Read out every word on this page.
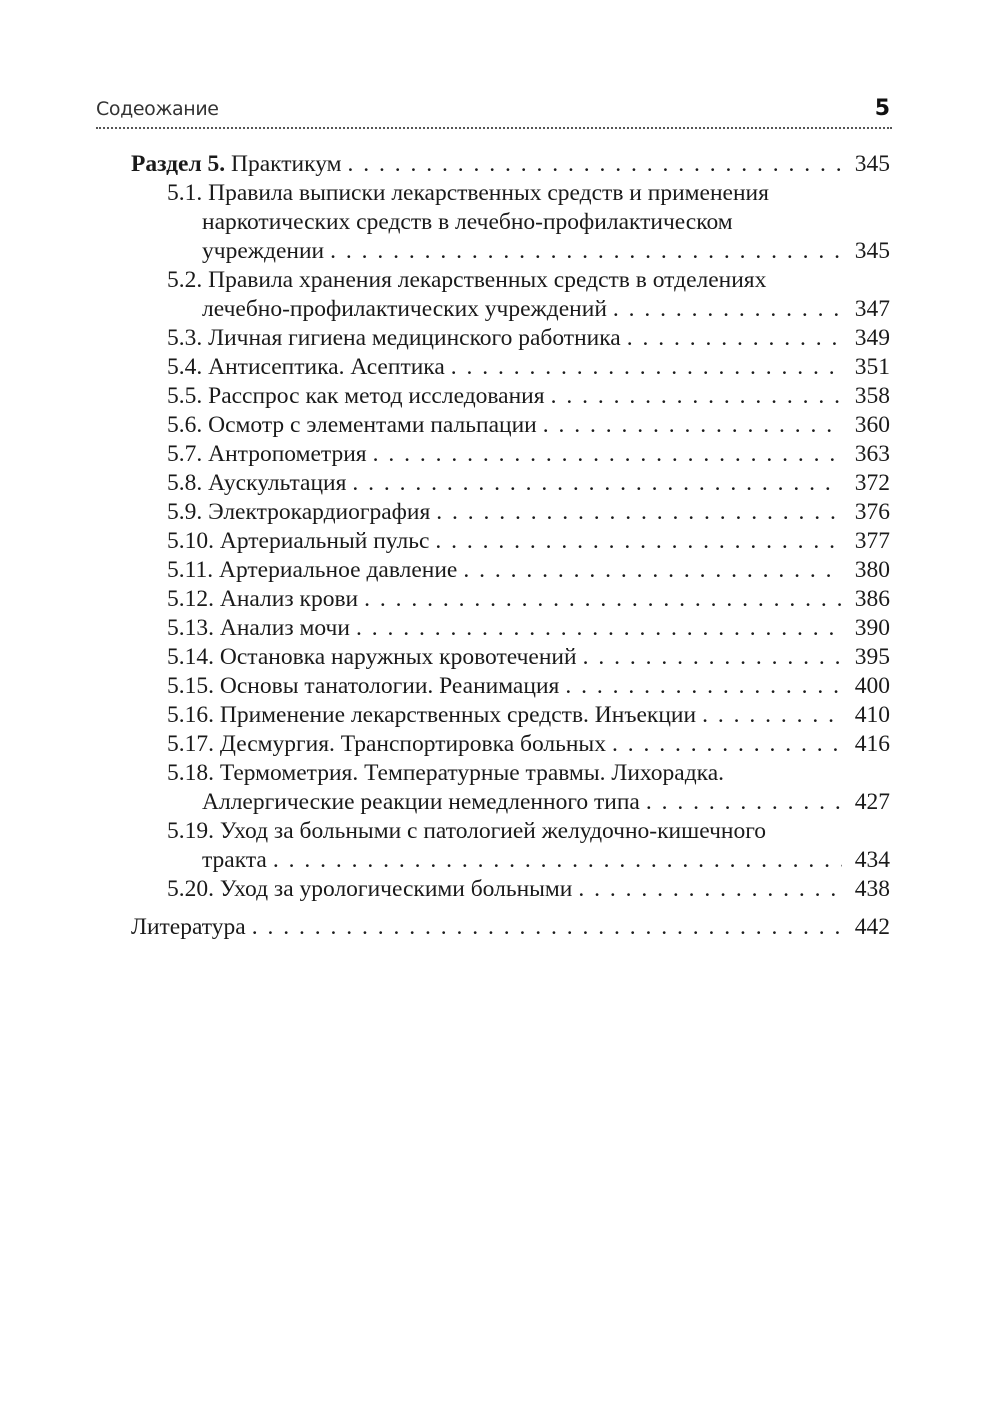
Содеожание	5
Раздел 5. Практикум . . .	345
5.1. Правила выписки лекарственных средств и применения
наркотических средств в лечебно-профилактическом
учреждении . . .	345
5.2. Правила хранения лекарственных средств в отделениях
лечебно-профилактических учреждений . . .	347
5.3. Личная гигиена медицинского работника . . .	349
5.4. Антисептика. Асептика . . .	351
5.5. Расспрос как метод исследования . . .	358
5.6. Осмотр с элементами пальпации . . .	360
5.7. Антропометрия . . .	363
5.8. Аускультация . . .	372
5.9. Электрокардиография . . .	376
5.10. Артериальный пульс . . .	377
5.11. Артериальное давление . . .	380
5.12. Анализ крови . . .	386
5.13. Анализ мочи . . .	390
5.14. Остановка наружных кровотечений . . .	395
5.15. Основы танатологии. Реанимация . . .	400
5.16. Применение лекарственных средств. Инъекции . . .	410
5.17. Десмургия. Транспортировка больных . . .	416
5.18. Термометрия. Температурные травмы. Лихорадка.
Аллергические реакции немедленного типа . . .	427
5.19. Уход за больными с патологией желудочно-кишечного
тракта . . .	434
5.20. Уход за урологическими больными . . .	438
Литература . . .	442
